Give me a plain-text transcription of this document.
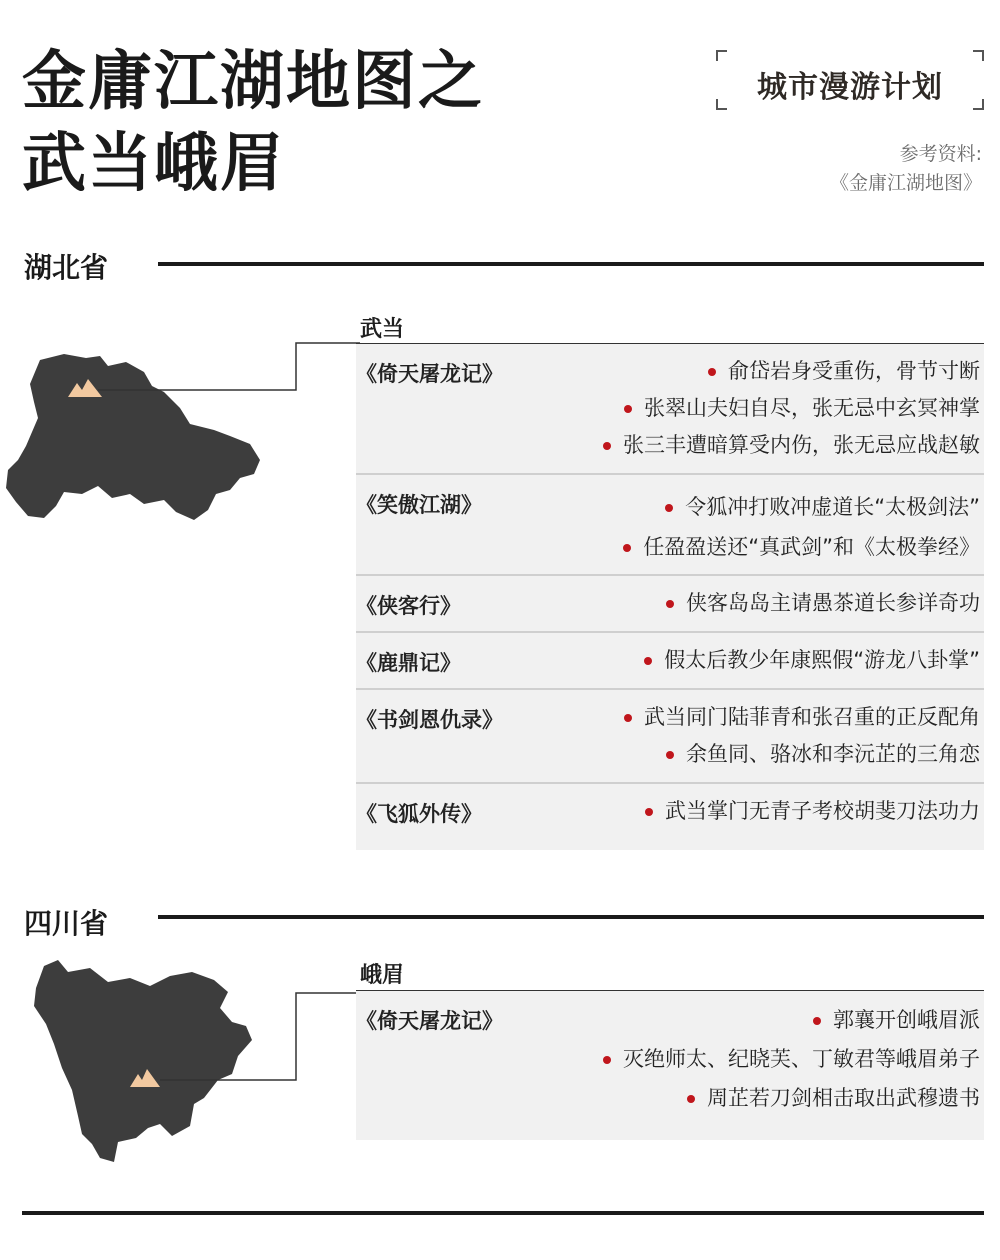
金庸江湖地图之
武当峨眉
城市漫游计划
参考资料:
《金庸江湖地图》
湖北省
武当
《倚天屠龙记》	俞岱岩身受重伤，骨节寸断
张翠山夫妇自尽，张无忌中玄冥神掌
张三丰遭暗算受内伤，张无忌应战赵敏
《笑傲江湖》	令狐冲打败冲虚道长“太极剑法”
任盈盈送还“真武剑”和《太极拳经》
《侠客行》	侠客岛岛主请愚茶道长参详奇功
《鹿鼎记》	假太后教少年康熙假“游龙八卦掌”
《书剑恩仇录》	武当同门陆菲青和张召重的正反配角
余鱼同、骆冰和李沅芷的三角恋
《飞狐外传》	武当掌门无青子考校胡斐刀法功力
四川省
峨眉
《倚天屠龙记》	郭襄开创峨眉派
灭绝师太、纪晓芙、丁敏君等峨眉弟子
周芷若刀剑相击取出武穆遗书
